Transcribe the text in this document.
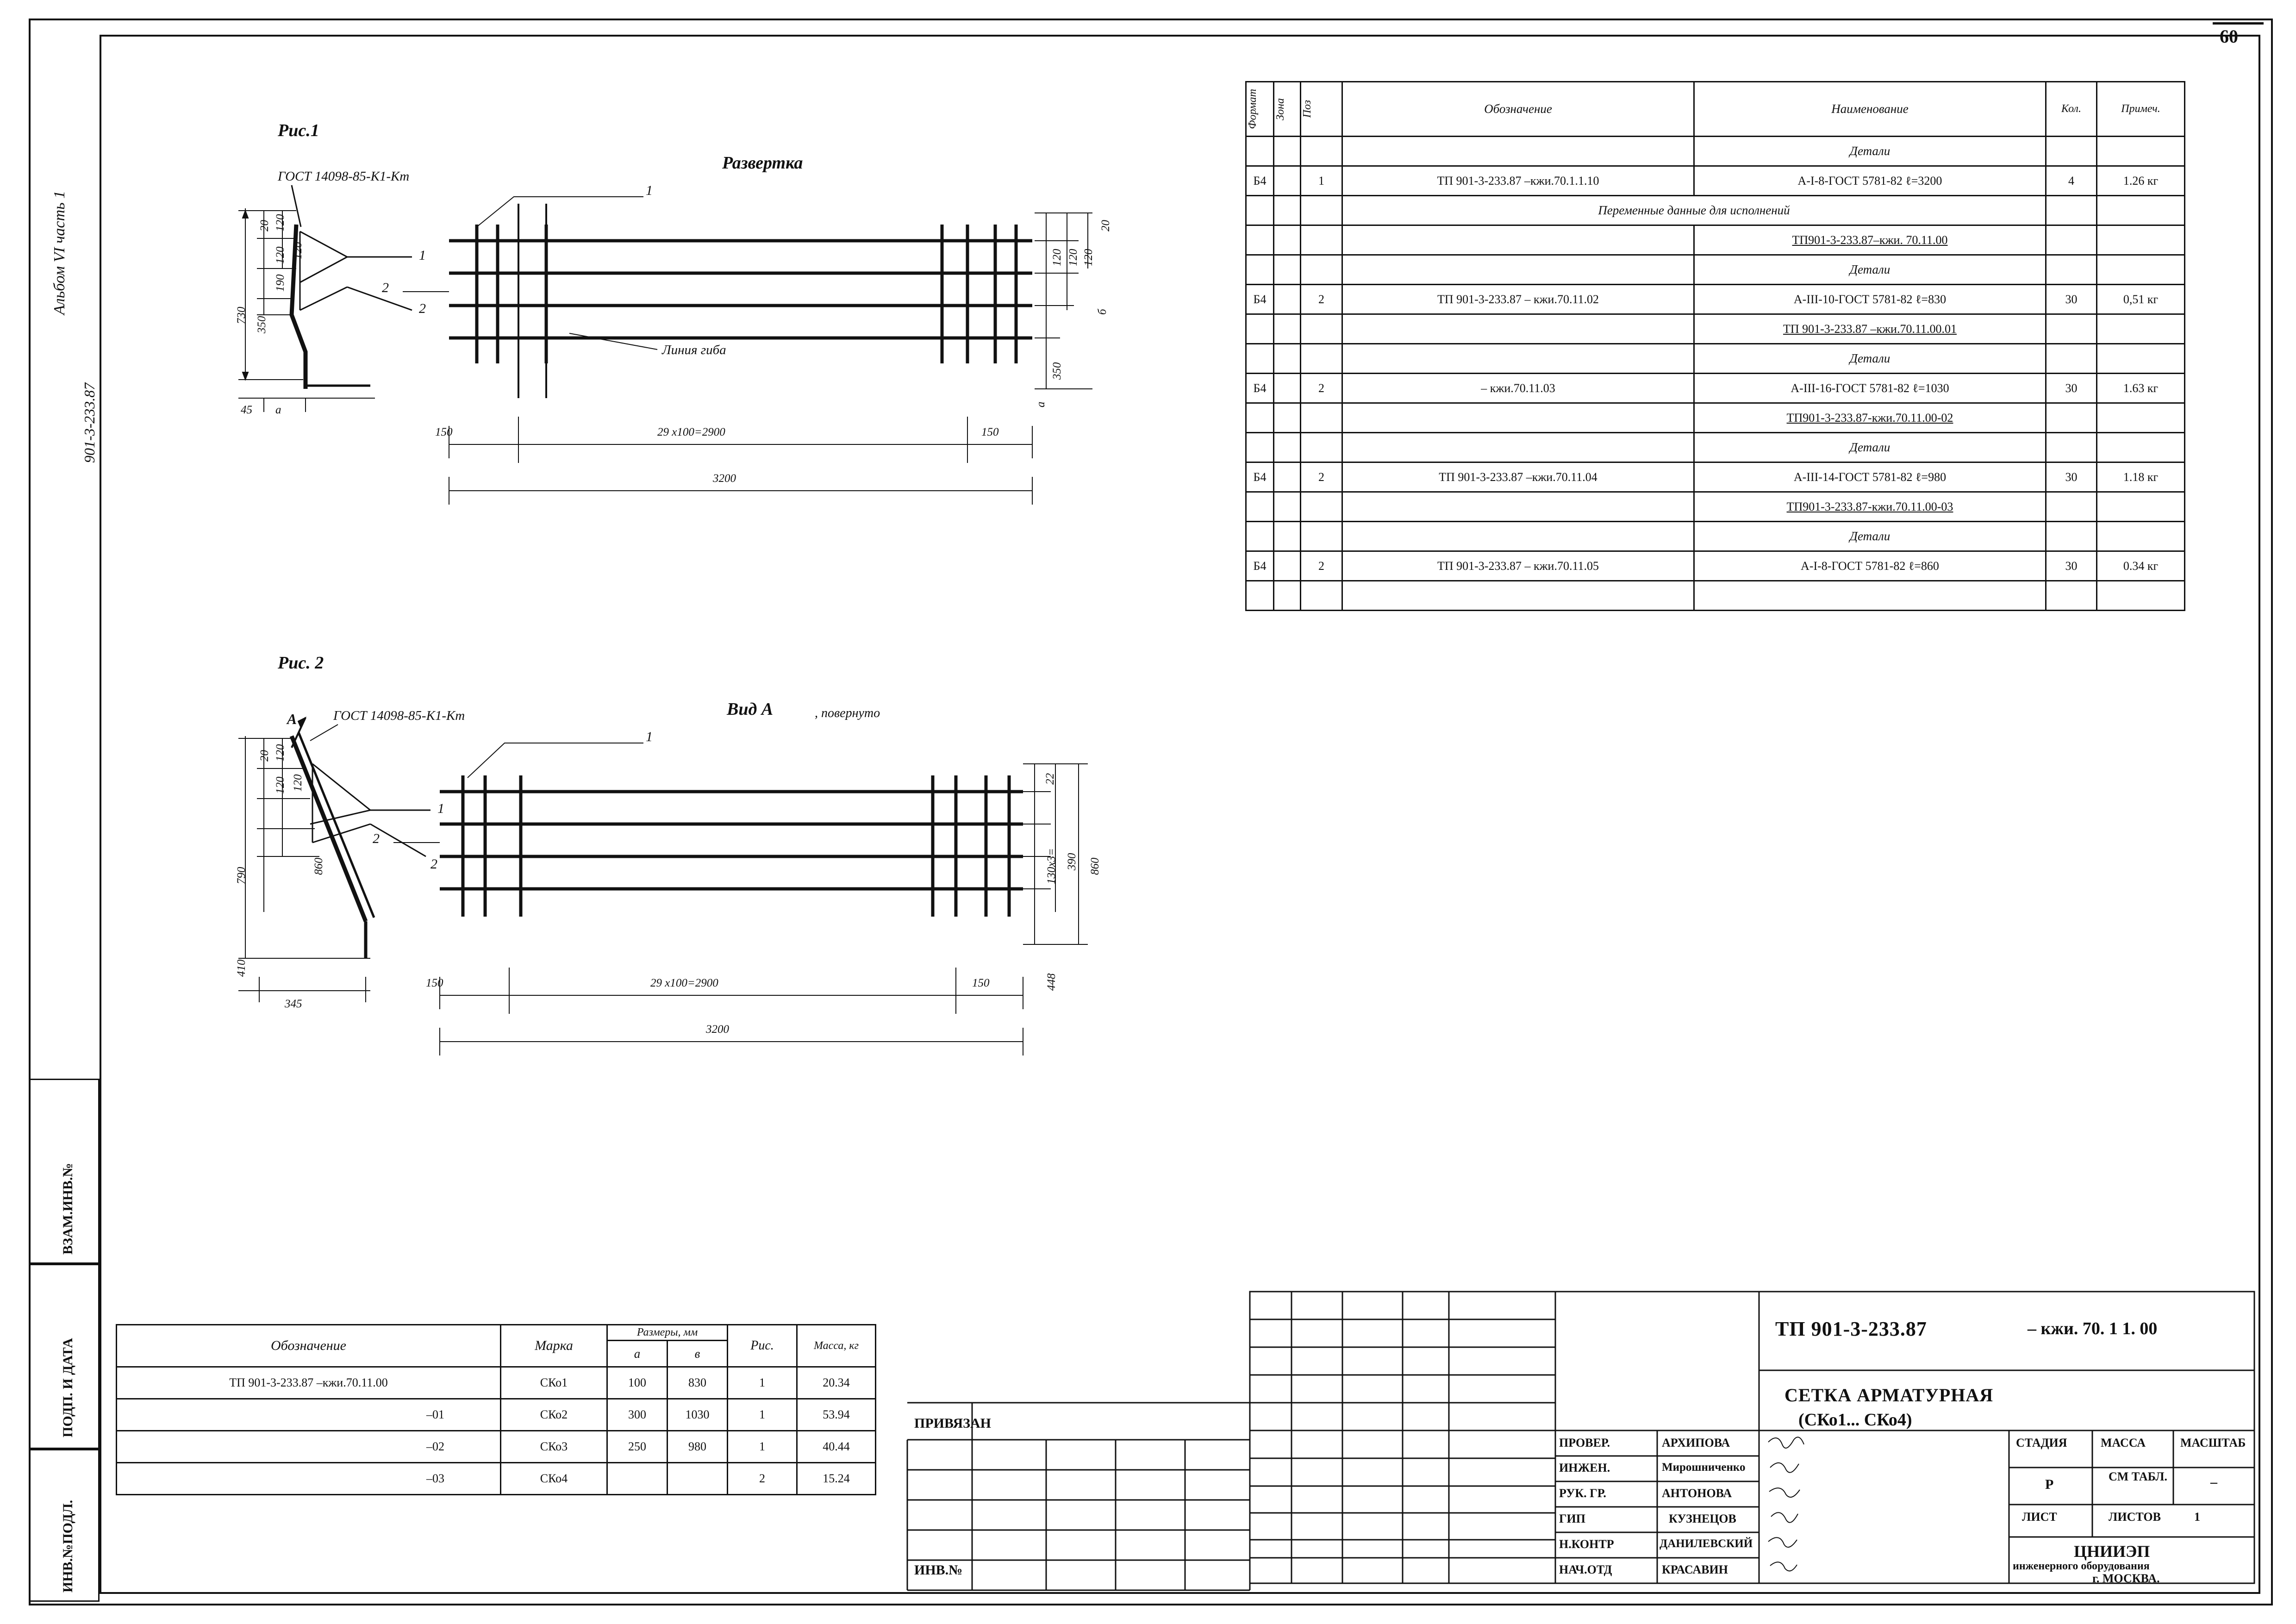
60
Альбом VI часть 1
901-3-233.87
ВЗАМ.ИНВ.№
ПОДП. И ДАТА
ИНВ.№ПОДЛ.
Рис.1
ГОСТ 14098-85-К1-Кт
Развертка
Линия гиба
730
350
190
20
120
120
120
45 а
1
2
1
2
150	29 x100=2900	150
3200
20
120
120
120
350
б
а
Рис. 2
ГОСТ 14098-85-К1-Кт	Вид А	, повернуто
А
790
410
860
20
120
120
120
345
1
2
1
2
150	29 x100=2900	150
3200
22
130x3= 390
448
860
Формат	Зона	Поз	Обозначение	Наименование	Кол.	Примеч.
				Детали		
Б4		1	ТП 901-3-233.87 –кжи.70.1.1.10	А-I-8-ГОСТ 5781-82 ℓ=3200	4	1.26 кг
			Переменные данные для исполнений			
				ТП901-3-233.87–кжи. 70.11.00		
				Детали		
Б4		2	ТП 901-3-233.87 – кжи.70.11.02	А-III-10-ГОСТ 5781-82 ℓ=830	30	0,51 кг
				ТП 901-3-233.87 –кжи.70.11.00.01		
				Детали		
Б4		2	– кжи.70.11.03	А-III-16-ГОСТ 5781-82 ℓ=1030	30	1.63 кг
				ТП901-3-233.87-кжи.70.11.00-02		
				Детали		
Б4		2	ТП 901-3-233.87 –кжи.70.11.04	А-III-14-ГОСТ 5781-82 ℓ=980	30	1.18 кг
				ТП901-3-233.87-кжи.70.11.00-03		
				Детали		
Б4		2	ТП 901-3-233.87 – кжи.70.11.05	А-I-8-ГОСТ 5781-82 ℓ=860	30	0.34 кг

Обозначение	Марка	Размеры, мм		Рис.	Масса, кг
		а	в		
ТП 901-3-233.87 –кжи.70.11.00	СКо1	100	830	1	20.34
–01	СКо2	300	1030	1	53.94
–02	СКо3	250	980	1	40.44
–03	СКо4			2	15.24
ПРИВЯЗАН
ИНВ.№
ТП 901-3-233.87	– кжи. 70. 1 1. 00
СЕТКА АРМАТУРНАЯ
(СКо1... СКо4)
СТАДИЯ	МАССА	МАСШТАБ
Р
СМ ТАБЛ.	–
ЛИСТ	ЛИСТОВ	1
ЦНИИЭП
инженерного оборудования
г. МОСКВА.
ПРОВЕР.	АРХИПОВА
ИНЖЕН.	Мирошниченко
РУК. ГР.	АНТОНОВА
ГИП	КУЗНЕЦОВ
Н.КОНТР	ДАНИЛЕВСКИЙ
НАЧ.ОТД	КРАСАВИН
